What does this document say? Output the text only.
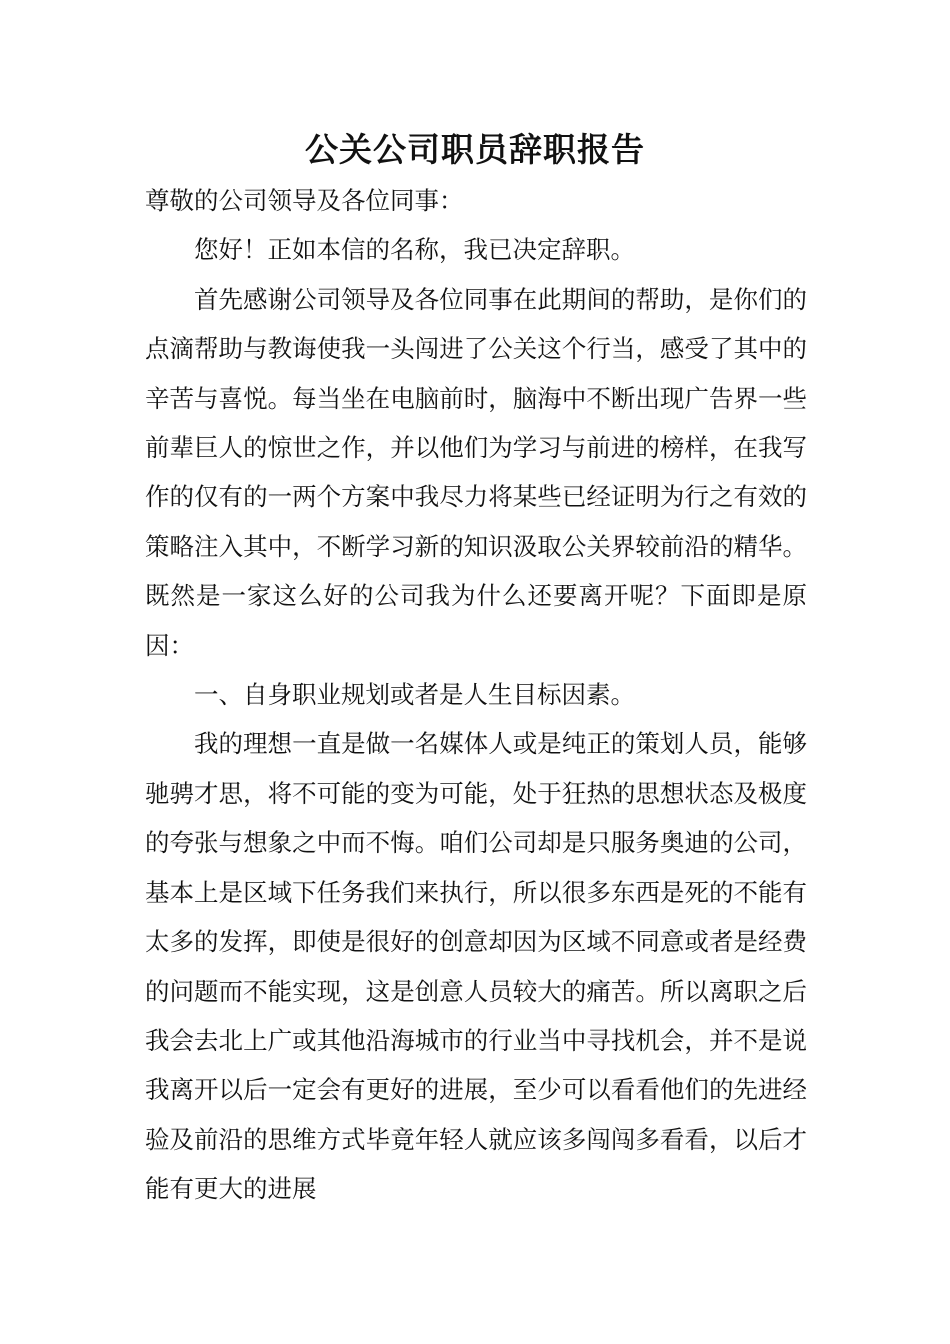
公关公司职员辞职报告

尊敬的公司领导及各位同事：

您好！正如本信的名称，我已决定辞职。

首先感谢公司领导及各位同事在此期间的帮助，是你们的点滴帮助与教诲使我一头闯进了公关这个行当，感受了其中的辛苦与喜悦。每当坐在电脑前时，脑海中不断出现广告界一些前辈巨人的惊世之作，并以他们为学习与前进的榜样，在我写作的仅有的一两个方案中我尽力将某些已经证明为行之有效的策略注入其中，不断学习新的知识汲取公关界较前沿的精华。既然是一家这么好的公司我为什么还要离开呢？下面即是原因：

一、自身职业规划或者是人生目标因素。

我的理想一直是做一名媒体人或是纯正的策划人员，能够驰骋才思，将不可能的变为可能，处于狂热的思想状态及极度的夸张与想象之中而不悔。咱们公司却是只服务奥迪的公司，基本上是区域下任务我们来执行，所以很多东西是死的不能有太多的发挥，即使是很好的创意却因为区域不同意或者是经费的问题而不能实现，这是创意人员较大的痛苦。所以离职之后我会去北上广或其他沿海城市的行业当中寻找机会，并不是说我离开以后一定会有更好的进展，至少可以看看他们的先进经验及前沿的思维方式毕竟年轻人就应该多闯闯多看看，以后才能有更大的进展
